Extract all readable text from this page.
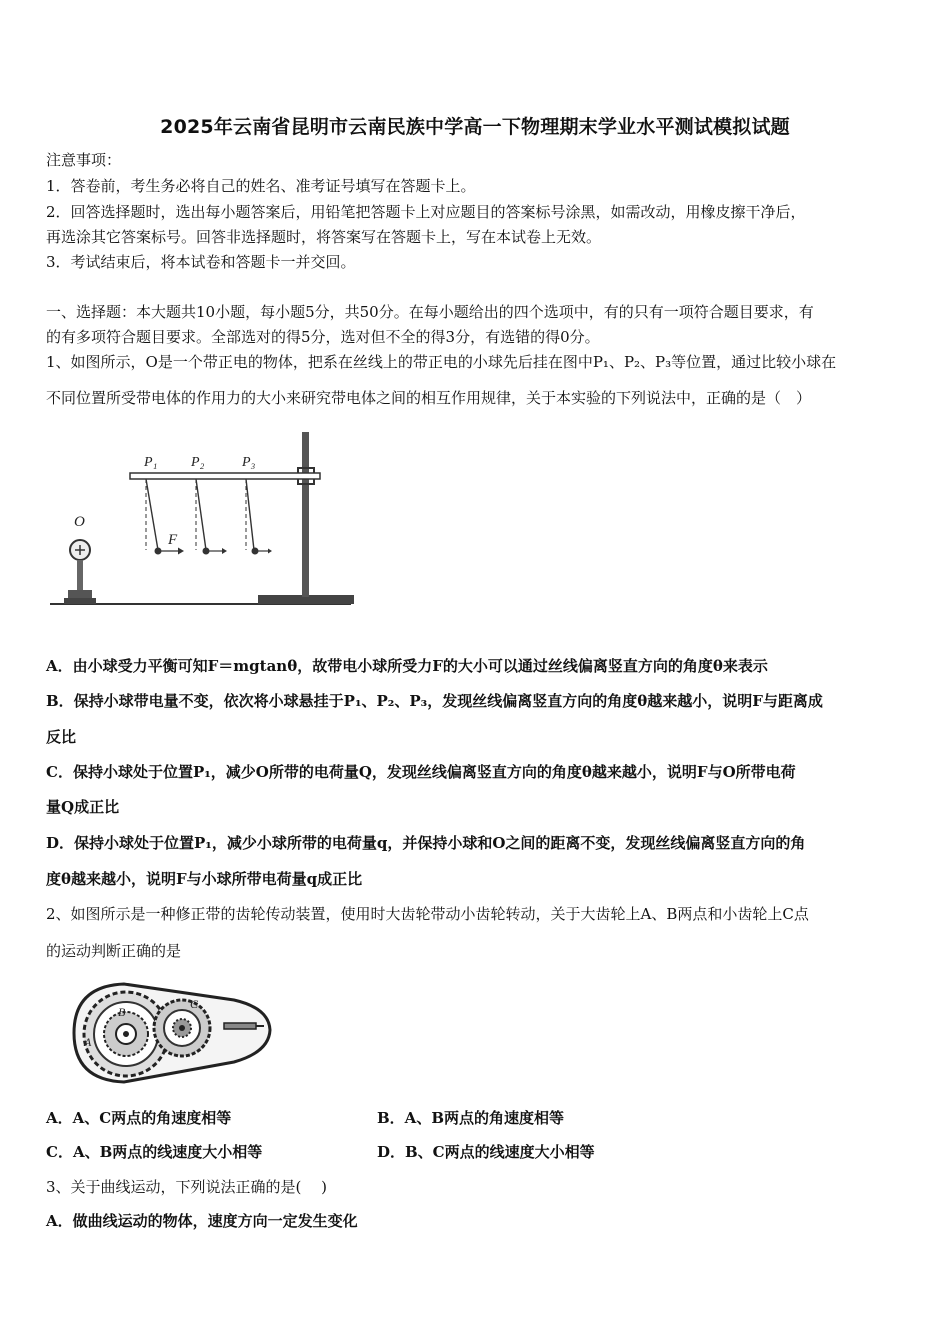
2025年云南省昆明市云南民族中学高一下物理期末学业水平测试模拟试题
注意事项：
1．答卷前，考生务必将自己的姓名、准考证号填写在答题卡上。
2．回答选择题时，选出每小题答案后，用铅笔把答题卡上对应题目的答案标号涂黑，如需改动，用橡皮擦干净后，
再选涂其它答案标号。回答非选择题时，将答案写在答题卡上，写在本试卷上无效。
3．考试结束后，将本试卷和答题卡一并交回。
一、选择题：本大题共10小题，每小题5分，共50分。在每小题给出的四个选项中，有的只有一项符合题目要求，有
的有多项符合题目要求。全部选对的得5分，选对但不全的得3分，有选错的得0分。
1、如图所示，O是一个带正电的物体，把系在丝线上的带正电的小球先后挂在图中P₁、P₂、P₃等位置，通过比较小球在
不同位置所受带电体的作用力的大小来研究带电体之间的相互作用规律，关于本实验的下列说法中，正确的是（　）
P₁ P₂	P₃
O
F
A．由小球受力平衡可知F＝mgtanθ，故带电小球所受力F的大小可以通过丝线偏离竖直方向的角度θ来表示
B．保持小球带电量不变，依次将小球悬挂于P₁、P₂、P₃，发现丝线偏离竖直方向的角度θ越来越小，说明F与距离成
反比
C．保持小球处于位置P₁，减少O所带的电荷量Q，发现丝线偏离竖直方向的角度θ越来越小，说明F与O所带电荷
量Q成正比
D．保持小球处于位置P₁，减少小球所带的电荷量q，并保持小球和O之间的距离不变，发现丝线偏离竖直方向的角
度θ越来越小，说明F与小球所带电荷量q成正比
2、如图所示是一种修正带的齿轮传动装置，使用时大齿轮带动小齿轮转动，关于大齿轮上A、B两点和小齿轮上C点
的运动判断正确的是
A
B
C
A．A、C两点的角速度相等	B．A、B两点的角速度相等
C．A、B两点的线速度大小相等	D．B、C两点的线速度大小相等
3、关于曲线运动，下列说法正确的是(　 )
A．做曲线运动的物体，速度方向一定发生变化
